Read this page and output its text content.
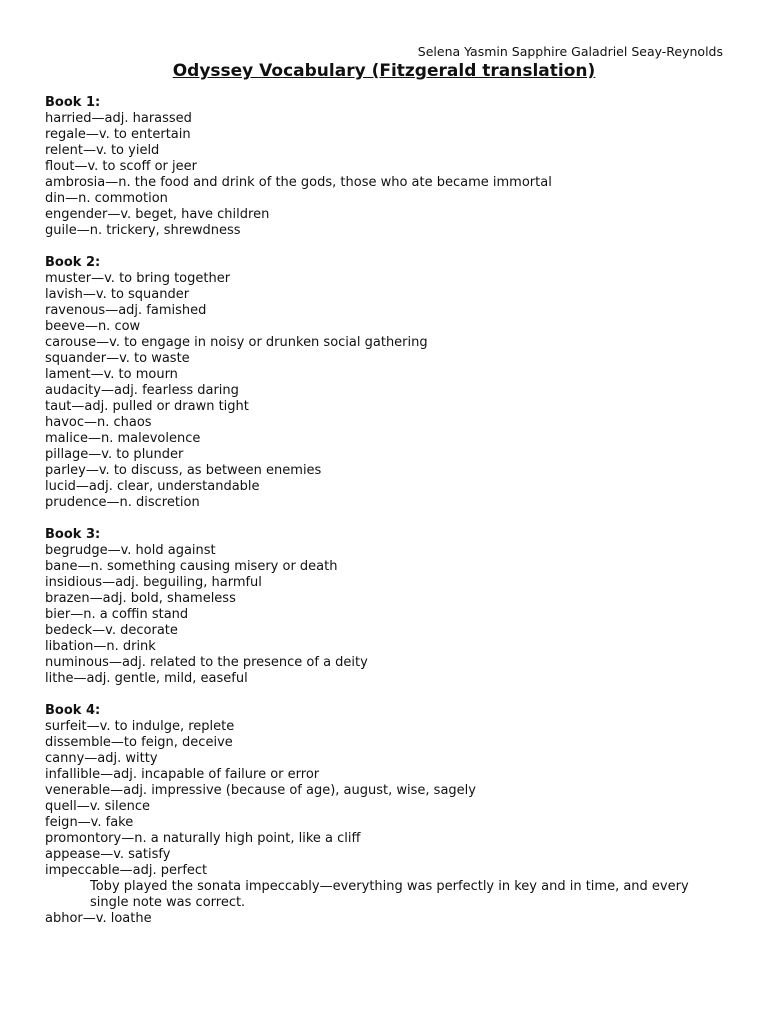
Selena Yasmin Sapphire Galadriel Seay-Reynolds
Odyssey Vocabulary (Fitzgerald translation)
Book 1:
harried—adj. harassed
regale—v. to entertain
relent—v. to yield
flout—v. to scoff or jeer
ambrosia—n. the food and drink of the gods, those who ate became immortal
din—n. commotion
engender—v. beget, have children
guile—n. trickery, shrewdness
Book 2:
muster—v. to bring together
lavish—v. to squander
ravenous—adj. famished
beeve—n. cow
carouse—v. to engage in noisy or drunken social gathering
squander—v. to waste
lament—v. to mourn
audacity—adj. fearless daring
taut—adj. pulled or drawn tight
havoc—n. chaos
malice—n. malevolence
pillage—v. to plunder
parley—v. to discuss, as between enemies
lucid—adj. clear, understandable
prudence—n. discretion
Book 3:
begrudge—v. hold against
bane—n. something causing misery or death
insidious—adj. beguiling, harmful
brazen—adj. bold, shameless
bier—n. a coffin stand
bedeck—v. decorate
libation—n. drink
numinous—adj. related to the presence of a deity
lithe—adj. gentle, mild, easeful
Book 4:
surfeit—v. to indulge, replete
dissemble—to feign, deceive
canny—adj. witty
infallible—adj. incapable of failure or error
venerable—adj. impressive (because of age), august, wise, sagely
quell—v. silence
feign—v. fake
promontory—n. a naturally high point, like a cliff
appease—v. satisfy
impeccable—adj. perfect
Toby played the sonata impeccably—everything was perfectly in key and in time, and every single note was correct.
abhor—v. loathe
